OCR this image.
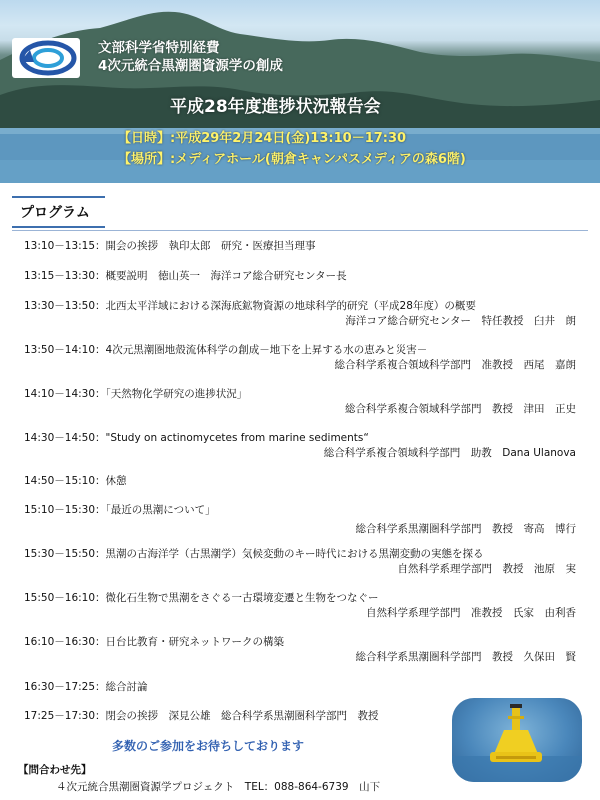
文部科学省特別経費
4次元統合黒潮圏資源学の創成
平成28年度進捗状況報告会
【日時】:平成29年2月24日(金)13:10－17:30
【場所】:メディアホール(朝倉キャンパスメディアの森6階)
プログラム
13:10－13:15：開会の挨拶　執印太郎　研究・医療担当理事
13:15－13:30：概要説明　徳山英一　海洋コア総合研究センター長
13:30－13:50：北西太平洋域における深海底鉱物資源の地球科学的研究（平成28年度）の概要
海洋コア総合研究センター　特任教授　臼井　朗
13:50－14:10：4次元黒潮圏地殻流体科学の創成－地下を上昇する水の恵みと災害－
総合科学系複合領域科学部門　准教授　西尾　嘉朗
14:10－14:30：「天然物化学研究の進捗状況」
総合科学系複合領域科学部門　教授　津田　正史
14:30－14:50："Study on actinomycetes from marine sediments“
総合科学系複合領域科学部門　助教　Dana Ulanova
14:50－15:10：休憩
15:10－15:30：「最近の黒潮について」
総合科学系黒潮圏科学部門　教授　寄高　博行
15:30－15:50：黒潮の古海洋学（古黒潮学）気候変動のキー時代における黒潮変動の実態を探る
自然科学系理学部門　教授　池原　実
15:50－16:10：微化石生物で黒潮をさぐる一古環境変遷と生物をつなぐー
自然科学系理学部門　准教授　氏家　由利香
16:10－16:30：日台比教育・研究ネットワークの構築
総合科学系黒潮圏科学部門　教授　久保田　賢
16:30－17:25：総合討論
17:25－17:30：閉会の挨拶　深見公雄　総合科学系黒潮圏科学部門　教授
多数のご参加をお待ちしております
【問合わせ先】
４次元統合黒潮圏資源学プロジェクト　TEL：088-864-6739　山下
